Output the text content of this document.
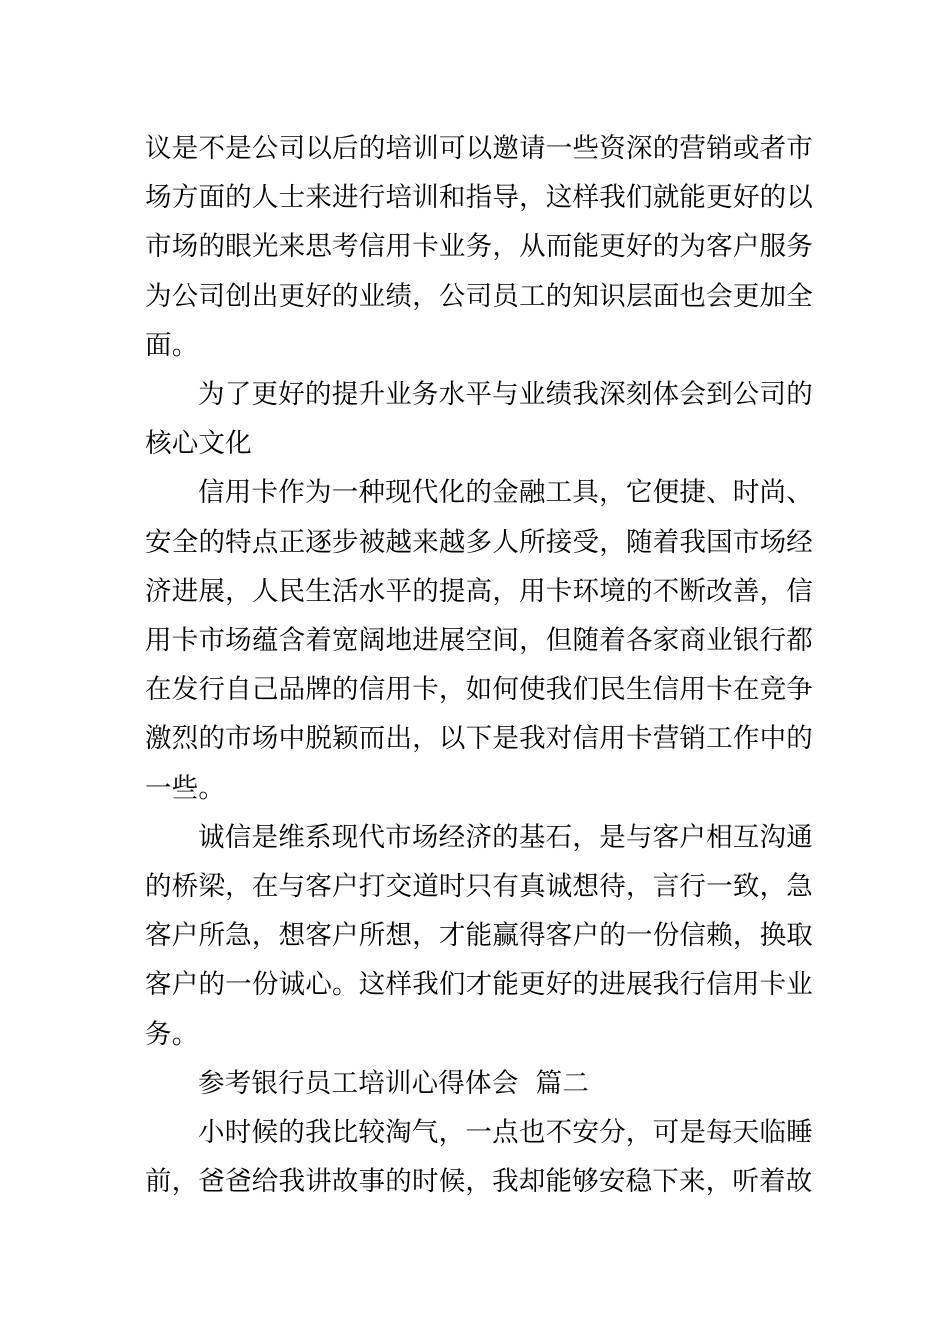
议是不是公司以后的培训可以邀请一些资深的营销或者市场方面的人士来进行培训和指导，这样我们就能更好的以市场的眼光来思考信用卡业务，从而能更好的为客户服务为公司创出更好的业绩，公司员工的知识层面也会更加全面。

为了更好的提升业务水平与业绩我深刻体会到公司的核心文化

信用卡作为一种现代化的金融工具，它便捷、时尚、安全的特点正逐步被越来越多人所接受，随着我国市场经济进展，人民生活水平的提高，用卡环境的不断改善，信用卡市场蕴含着宽阔地进展空间，但随着各家商业银行都在发行自己品牌的信用卡，如何使我们民生信用卡在竞争激烈的市场中脱颖而出，以下是我对信用卡营销工作中的一些。

诚信是维系现代市场经济的基石，是与客户相互沟通的桥梁，在与客户打交道时只有真诚想待，言行一致，急客户所急，想客户所想，才能赢得客户的一份信赖，换取客户的一份诚心。这样我们才能更好的进展我行信用卡业务。

参考银行员工培训心得体会  篇二

小时候的我比较淘气，一点也不安分，可是每天临睡前，爸爸给我讲故事的时候，我却能够安稳下来，听着故
